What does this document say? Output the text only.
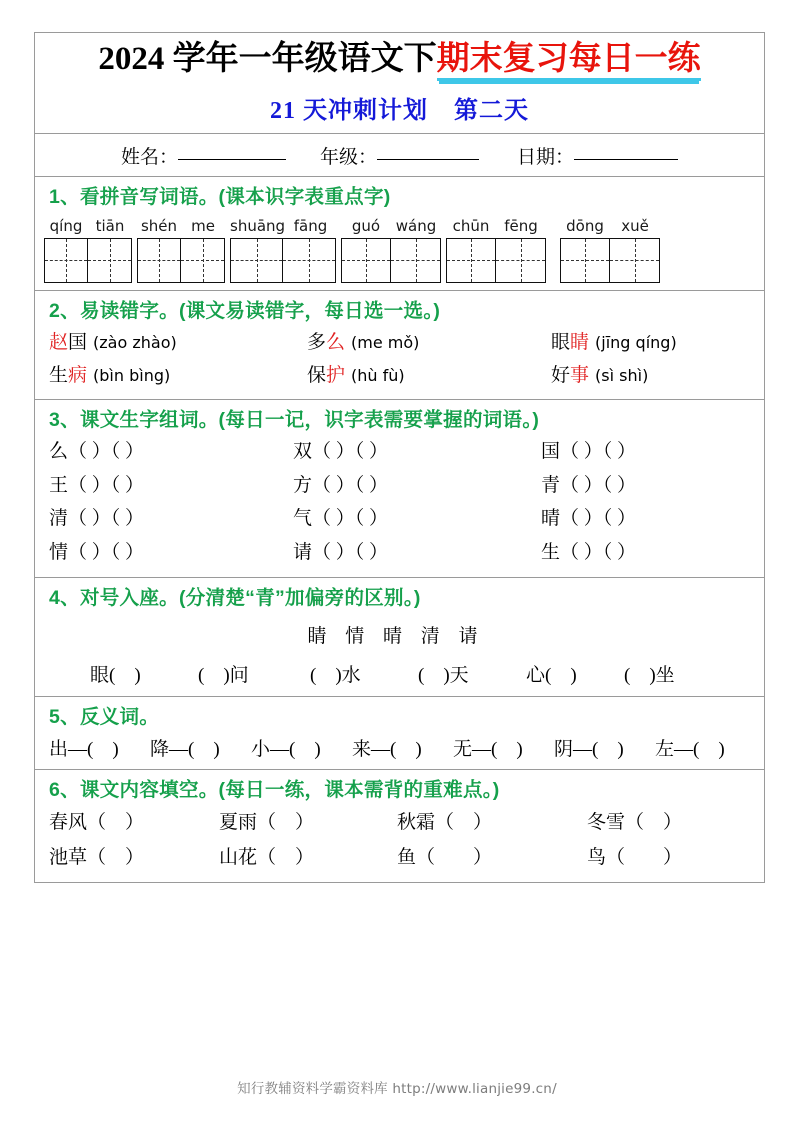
2024 学年一年级语文下期末复习每日一练
21 天冲刺计划 第二天
姓名：	年级：	日期：
1、看拼音写词语。(课本识字表重点字)
qíng tiān	shén me	shuāng fāng	guó	wáng	chūn fēng	dōng	xuě
2、易读错字。(课文易读错字，每日选一选。)
赵国 (zào zhào)	多么 (me mǒ)	眼睛 (jīng qíng)
生病 (bìn bìng)	保护 (hù fù)	好事 (sì shì)
3、课文生字组词。(每日一记，识字表需要掌握的词语。)
么（ ）（ ）	双（ ）（ ）	国（ ）（ ）
王（ ）（ ）	方（ ）（ ）	青（ ）（ ）
清（ ）（ ）	气（ ）（ ）	晴（ ）（ ）
情（ ）（ ）	请（ ）（ ）	生（ ）（ ）
4、对号入座。(分清楚“青”加偏旁的区别。)
睛 情 晴 清 请
眼(　)	(　)问	(　)水	(　)天	心(　)	(　)坐
5、反义词。
出—(　)	降—(　)	小—(　)	来—(　)	无—(　)	阴—(　)	左—(　)
6、课文内容填空。(每日一练，课本需背的重难点。)
春风（　）	夏雨（　）	秋霜（　）	冬雪（　）
池草（　）	山花（　）	鱼（　　）	鸟（　　）
知行教辅资料学霸资料库 http://www.lianjie99.cn/
